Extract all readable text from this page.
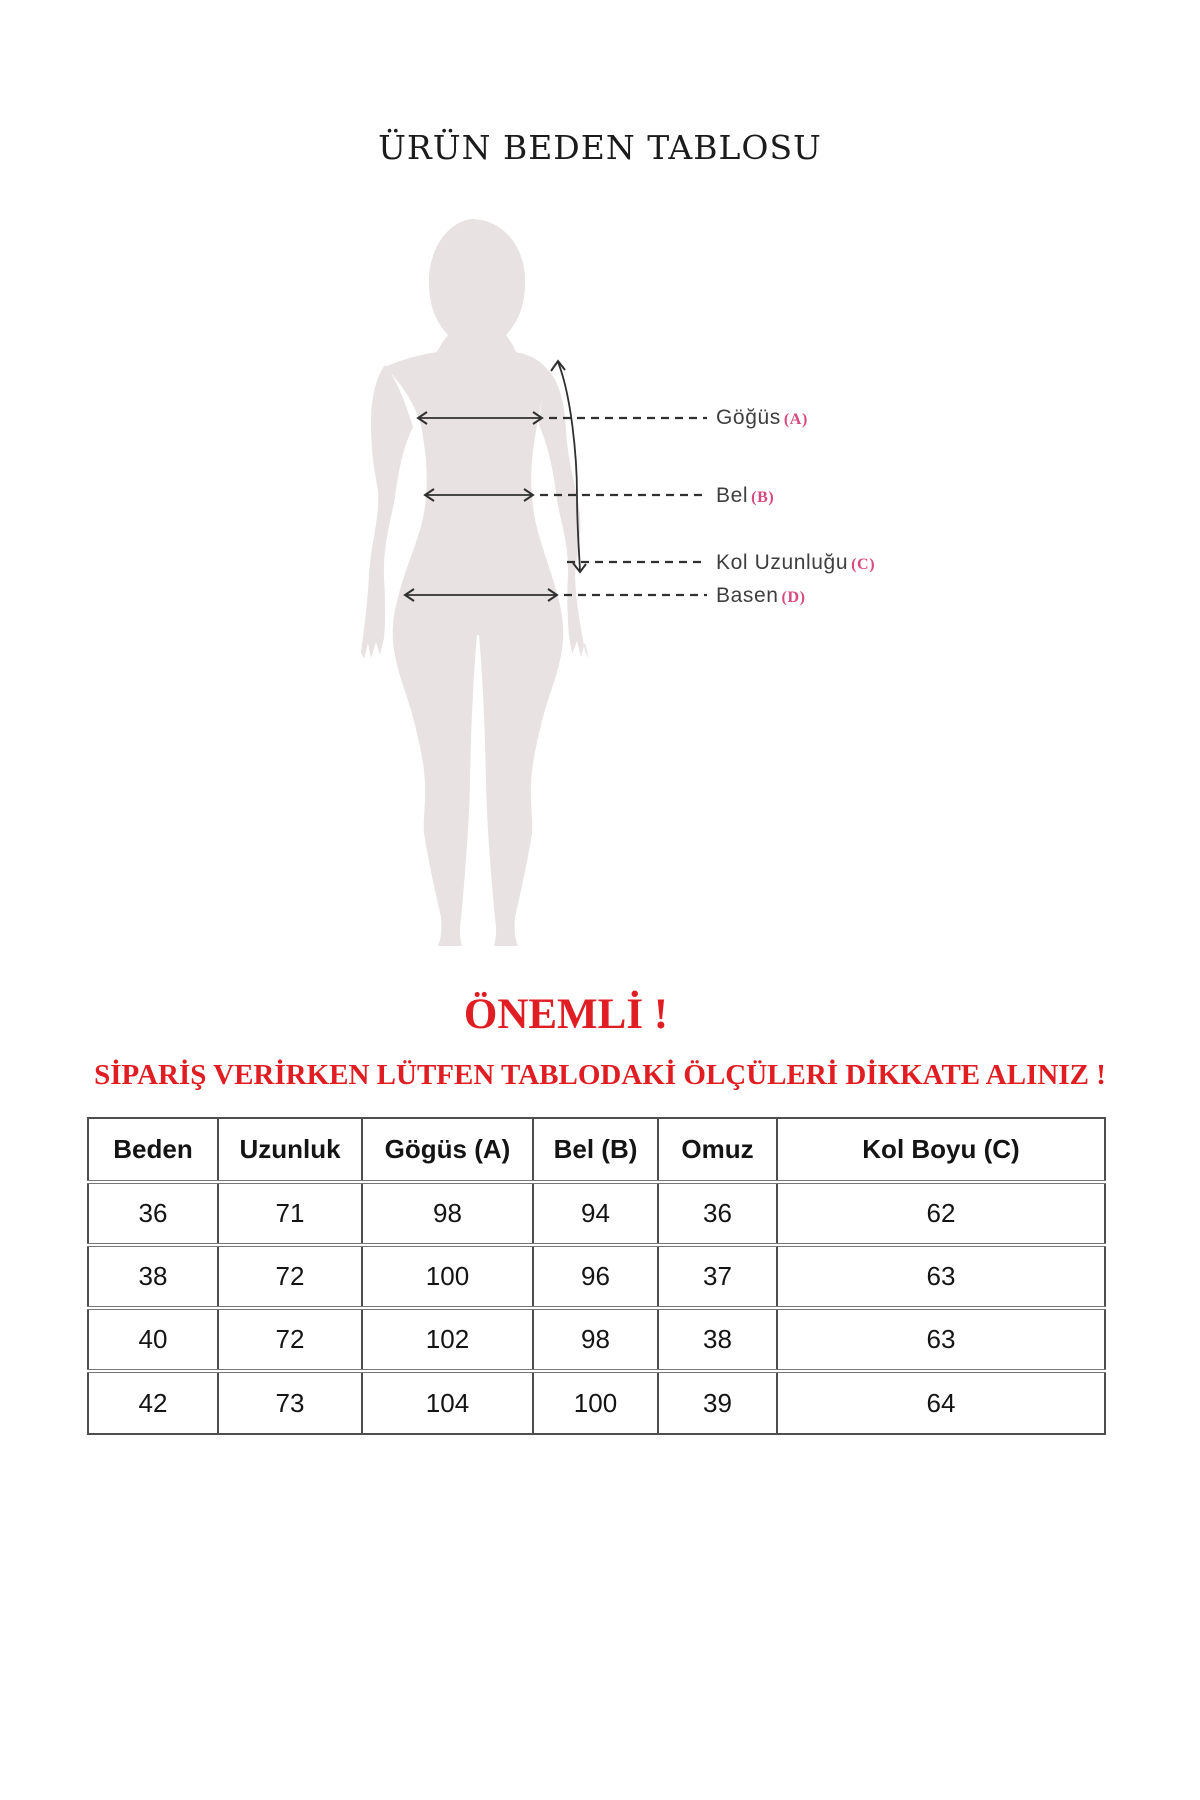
ÜRÜN BEDEN TABLOSU
Göğüs (A)
Bel (B)
Kol Uzunluğu (C)
Basen (D)
ÖNEMLİ !
SİPARİŞ VERİRKEN LÜTFEN TABLODAKİ ÖLÇÜLERİ DİKKATE ALINIZ !
Beden	Uzunluk	Gögüs (A)	Bel (B)	Omuz	Kol Boyu (C)
36	71	98	94	36	62
38	72	100	96	37	63
40	72	102	98	38	63
42	73	104	100	39	64
